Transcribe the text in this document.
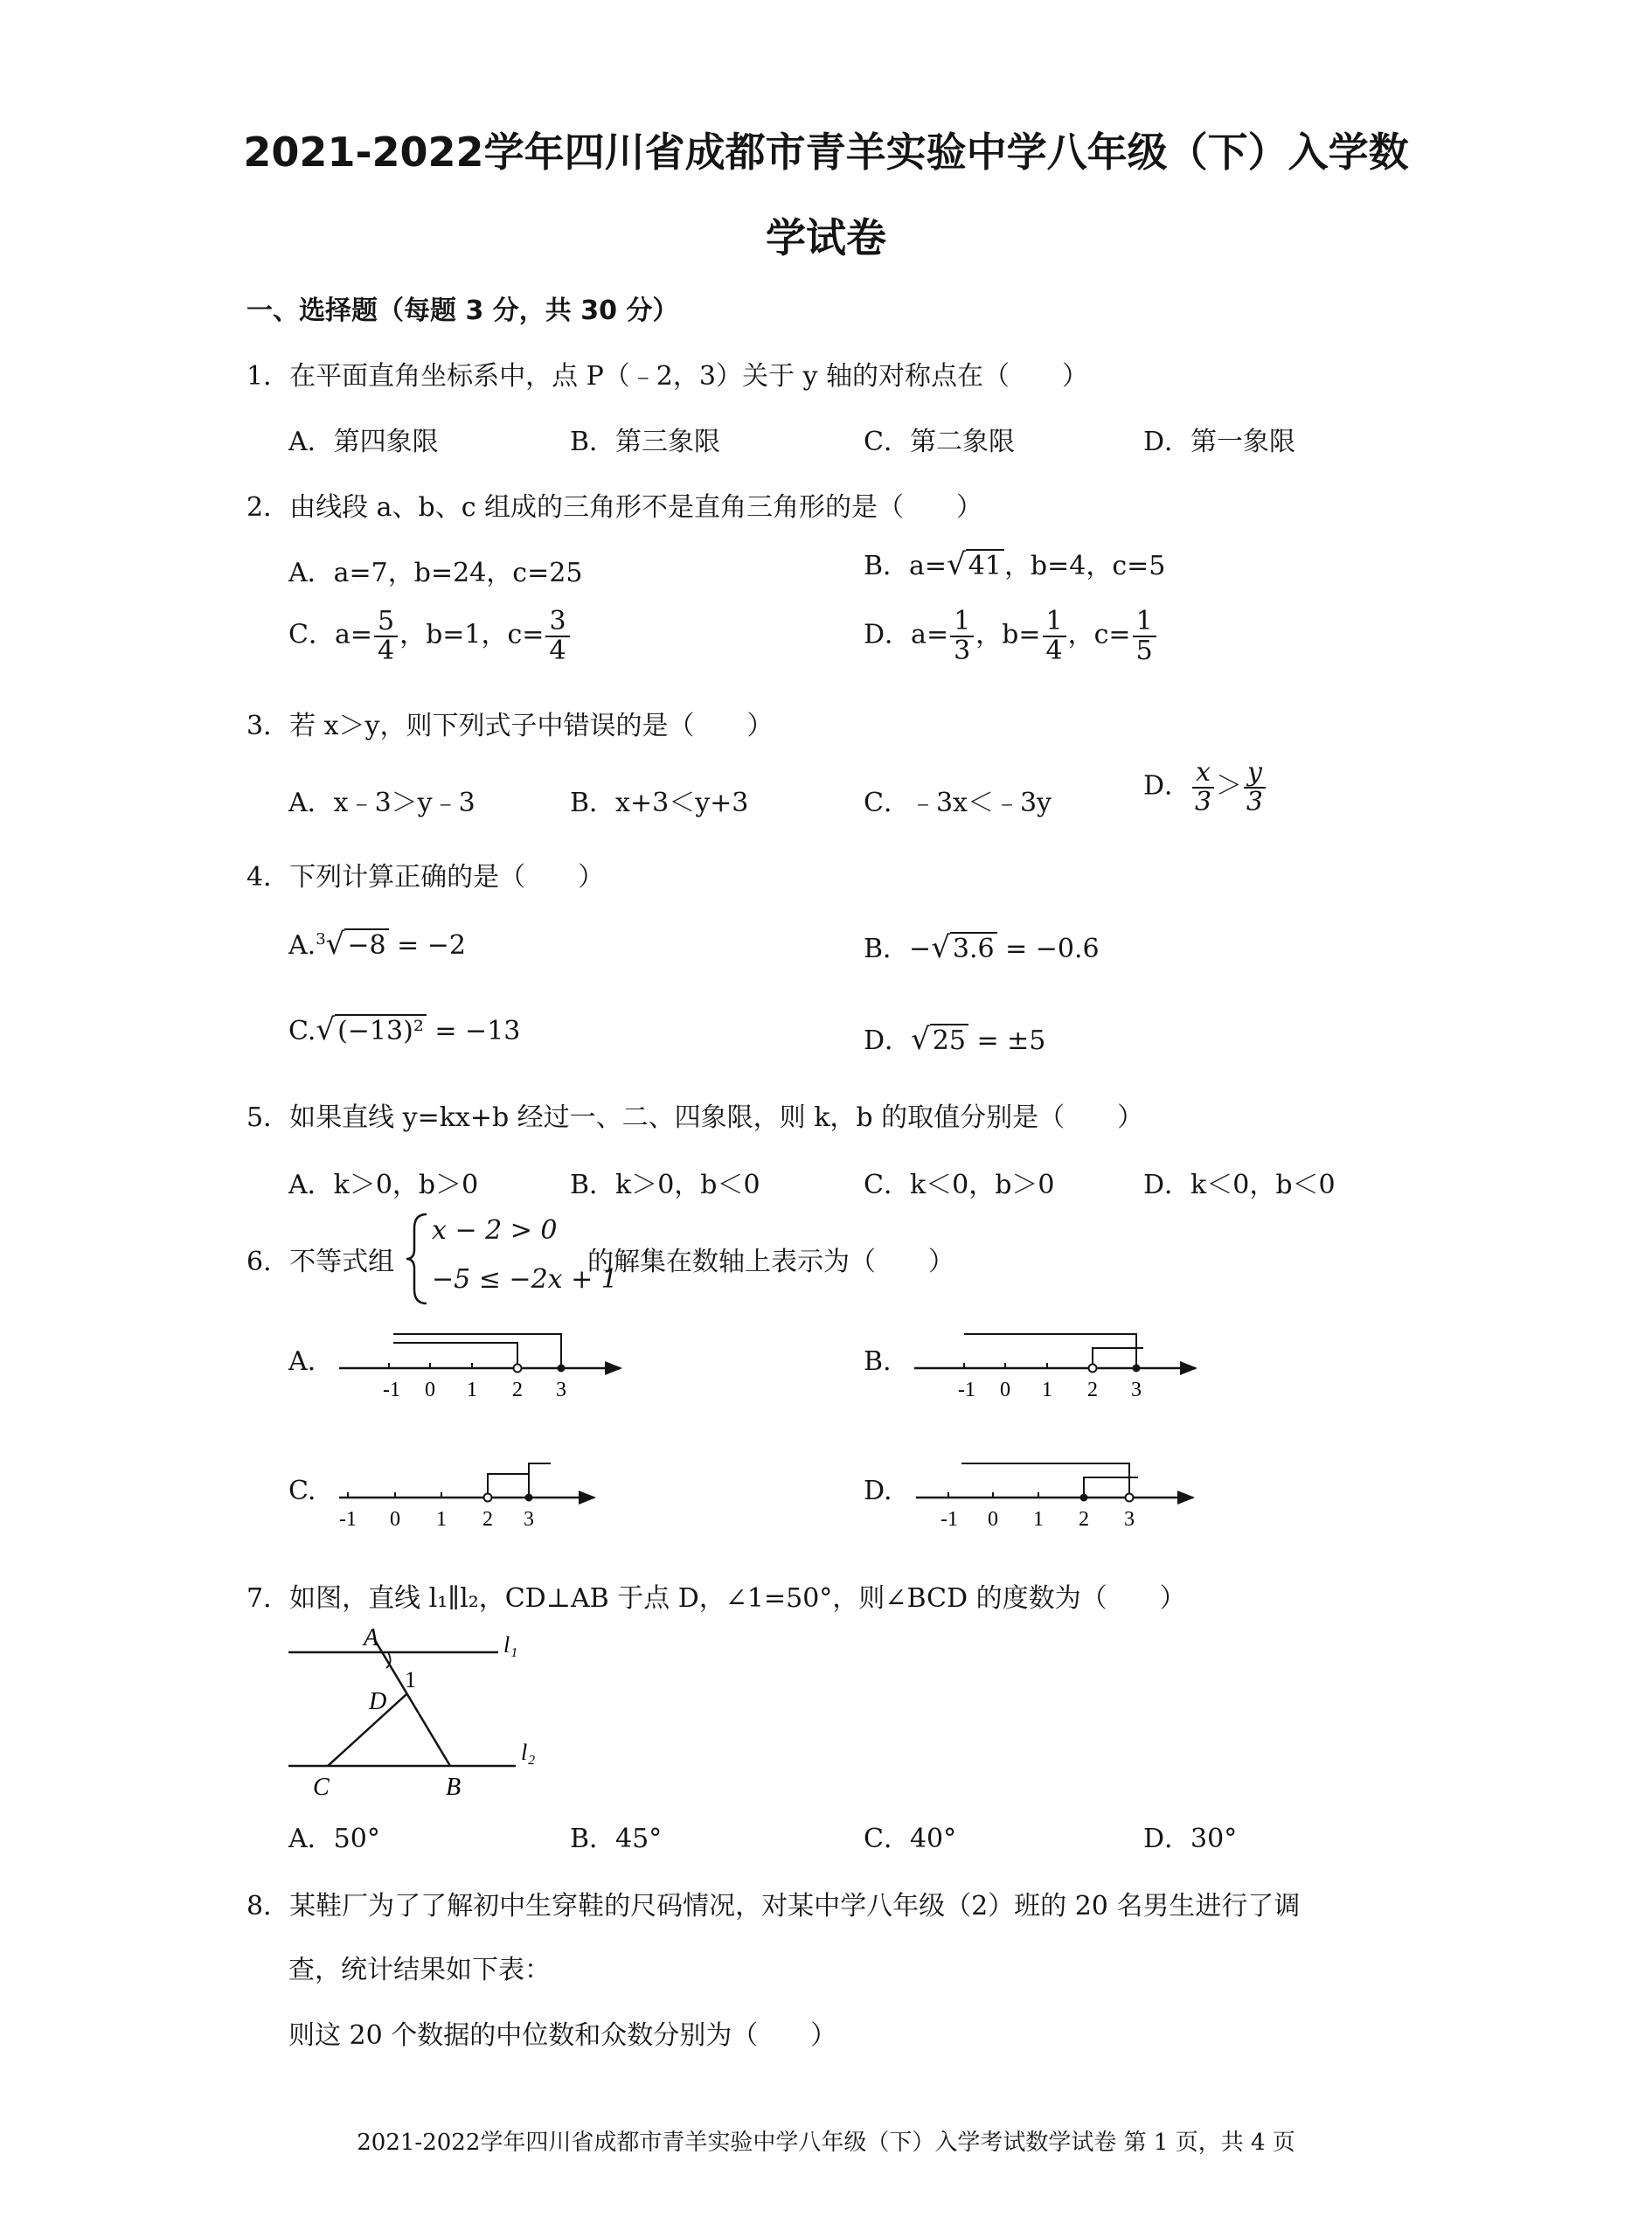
2021-2022学年四川省成都市青羊实验中学八年级（下）入学数
学试卷
一、选择题（每题 3 分，共 30 分）
1．在平面直角坐标系中，点 P（﹣2，3）关于 y 轴的对称点在（　　）
A．第四象限	B．第三象限	C．第二象限	D．第一象限
2．由线段 a、b、c 组成的三角形不是直角三角形的是（　　）
A．a=7，b=24，c=25	B．a=√ 41 ，b=4，c=5
C．$a= \frac{5}{4}$ ，b=1，$c= \frac{3}{4}$	D．$a= \frac{1}{3}$ ，$b= \frac{1}{4}$ ，$c= \frac{1}{5}$
3．若 x＞y，则下列式子中错误的是（　　）
A．x﹣3＞y﹣3	B．x+3＜y+3	C．﹣3x＜﹣3y
D． $\frac{x}{3} > \frac{y}{3}$
4．下列计算正确的是（　　）
A.$^3$√ −8 = −2	B．−√ 3.6 = −0.6
C.√ (−13)² = −13	D．√ 25 = ±5
5．如果直线 y=kx+b 经过一、二、四象限，则 k，b 的取值分别是（　　）
A．k＞0，b＞0	B．k＞0，b＜0	C．k＜0，b＞0	D．k＜0，b＜0
6．不等式组
x − 2 > 0
−5 ≤ −2x + 1
的解集在数轴上表示为（　　）
A.	B.
C.	D.
-1 0 1 2 3	-1 0 1 2 3
-1 0 1 2 3	-1 0 1 2 3
7．如图，直线 l₁∥l₂，CD⊥AB 于点 D，∠1=50°，则∠BCD 的度数为（　　）
A
1
D
C	B
l₁
l₂
A．50°	B．45°	C．40°	D．30°
8．某鞋厂为了了解初中生穿鞋的尺码情况，对某中学八年级（2）班的 20 名男生进行了调
查，统计结果如下表：
则这 20 个数据的中位数和众数分别为（　　）
2021-2022学年四川省成都市青羊实验中学八年级（下）入学考试数学试卷 第 1 页，共 4 页
